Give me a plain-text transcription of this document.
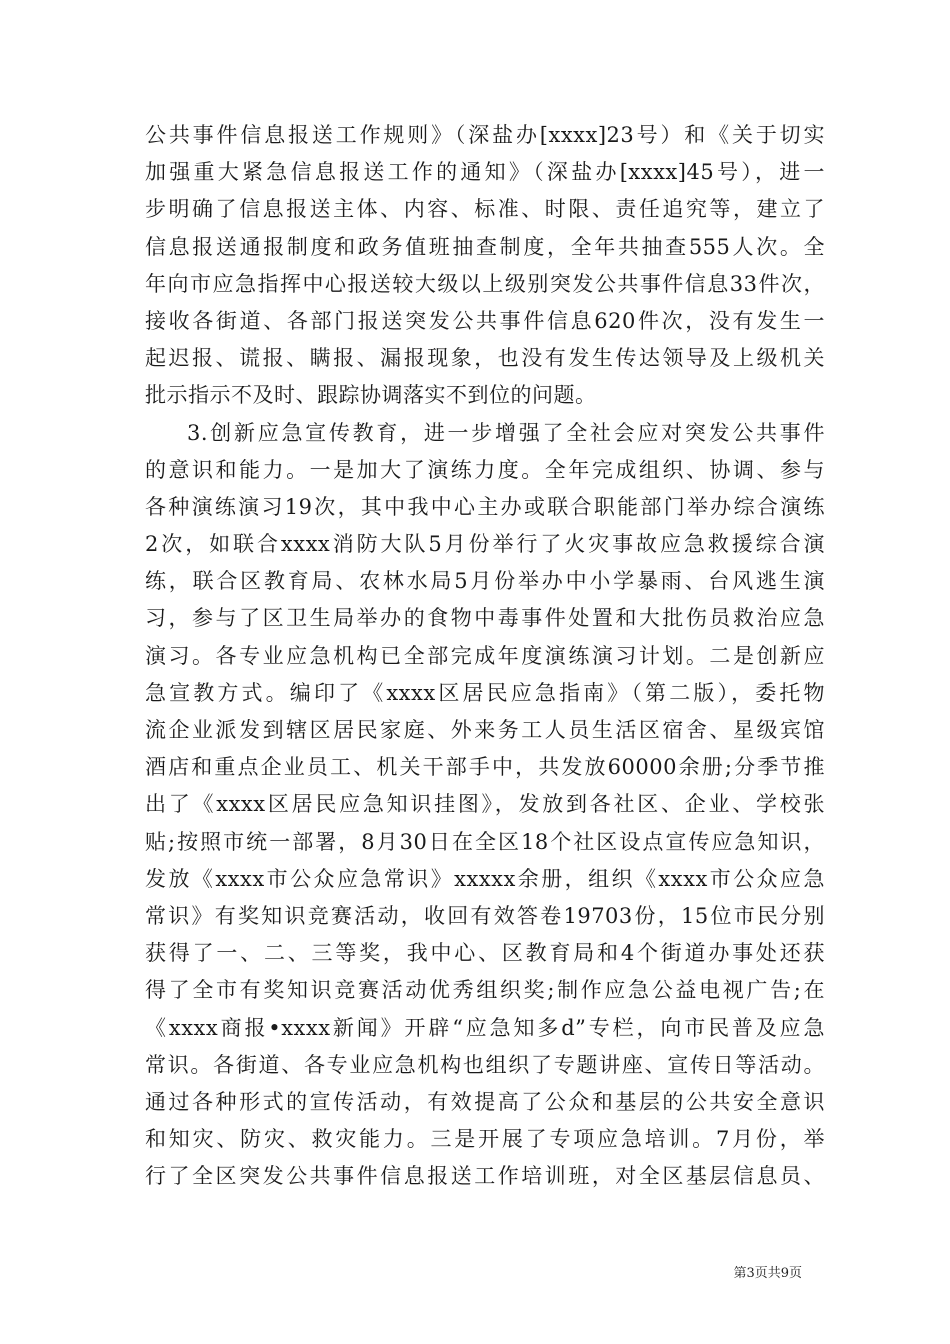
公共事件信息报送工作规则》（深盐办[xxxx]23号）和《关于切实
加强重大紧急信息报送工作的通知》（深盐办[xxxx]45号），进一
步明确了信息报送主体、内容、标准、时限、责任追究等，建立了
信息报送通报制度和政务值班抽查制度，全年共抽查555人次。全
年向市应急指挥中心报送较大级以上级别突发公共事件信息33件次，
接收各街道、各部门报送突发公共事件信息620件次，没有发生一
起迟报、谎报、瞒报、漏报现象，也没有发生传达领导及上级机关
批示指示不及时、跟踪协调落实不到位的问题。
3.创新应急宣传教育，进一步增强了全社会应对突发公共事件
的意识和能力。一是加大了演练力度。全年完成组织、协调、参与
各种演练演习19次，其中我中心主办或联合职能部门举办综合演练
2次，如联合xxxx消防大队5月份举行了火灾事故应急救援综合演
练，联合区教育局、农林水局5月份举办中小学暴雨、台风逃生演
习，参与了区卫生局举办的食物中毒事件处置和大批伤员救治应急
演习。各专业应急机构已全部完成年度演练演习计划。二是创新应
急宣教方式。编印了《xxxx区居民应急指南》（第二版），委托物
流企业派发到辖区居民家庭、外来务工人员生活区宿舍、星级宾馆
酒店和重点企业员工、机关干部手中，共发放60000余册;分季节推
出了《xxxx区居民应急知识挂图》，发放到各社区、企业、学校张
贴;按照市统一部署，8月30日在全区18个社区设点宣传应急知识，
发放《xxxx市公众应急常识》xxxxx余册，组织《xxxx市公众应急
常识》有奖知识竞赛活动，收回有效答卷19703份，15位市民分别
获得了一、二、三等奖，我中心、区教育局和4个街道办事处还获
得了全市有奖知识竞赛活动优秀组织奖;制作应急公益电视广告;在
《xxxx商报•xxxx新闻》开辟“应急知多d”专栏，向市民普及应急
常识。各街道、各专业应急机构也组织了专题讲座、宣传日等活动。
通过各种形式的宣传活动，有效提高了公众和基层的公共安全意识
和知灾、防灾、救灾能力。三是开展了专项应急培训。7月份，举
行了全区突发公共事件信息报送工作培训班，对全区基层信息员、
第3页共9页
